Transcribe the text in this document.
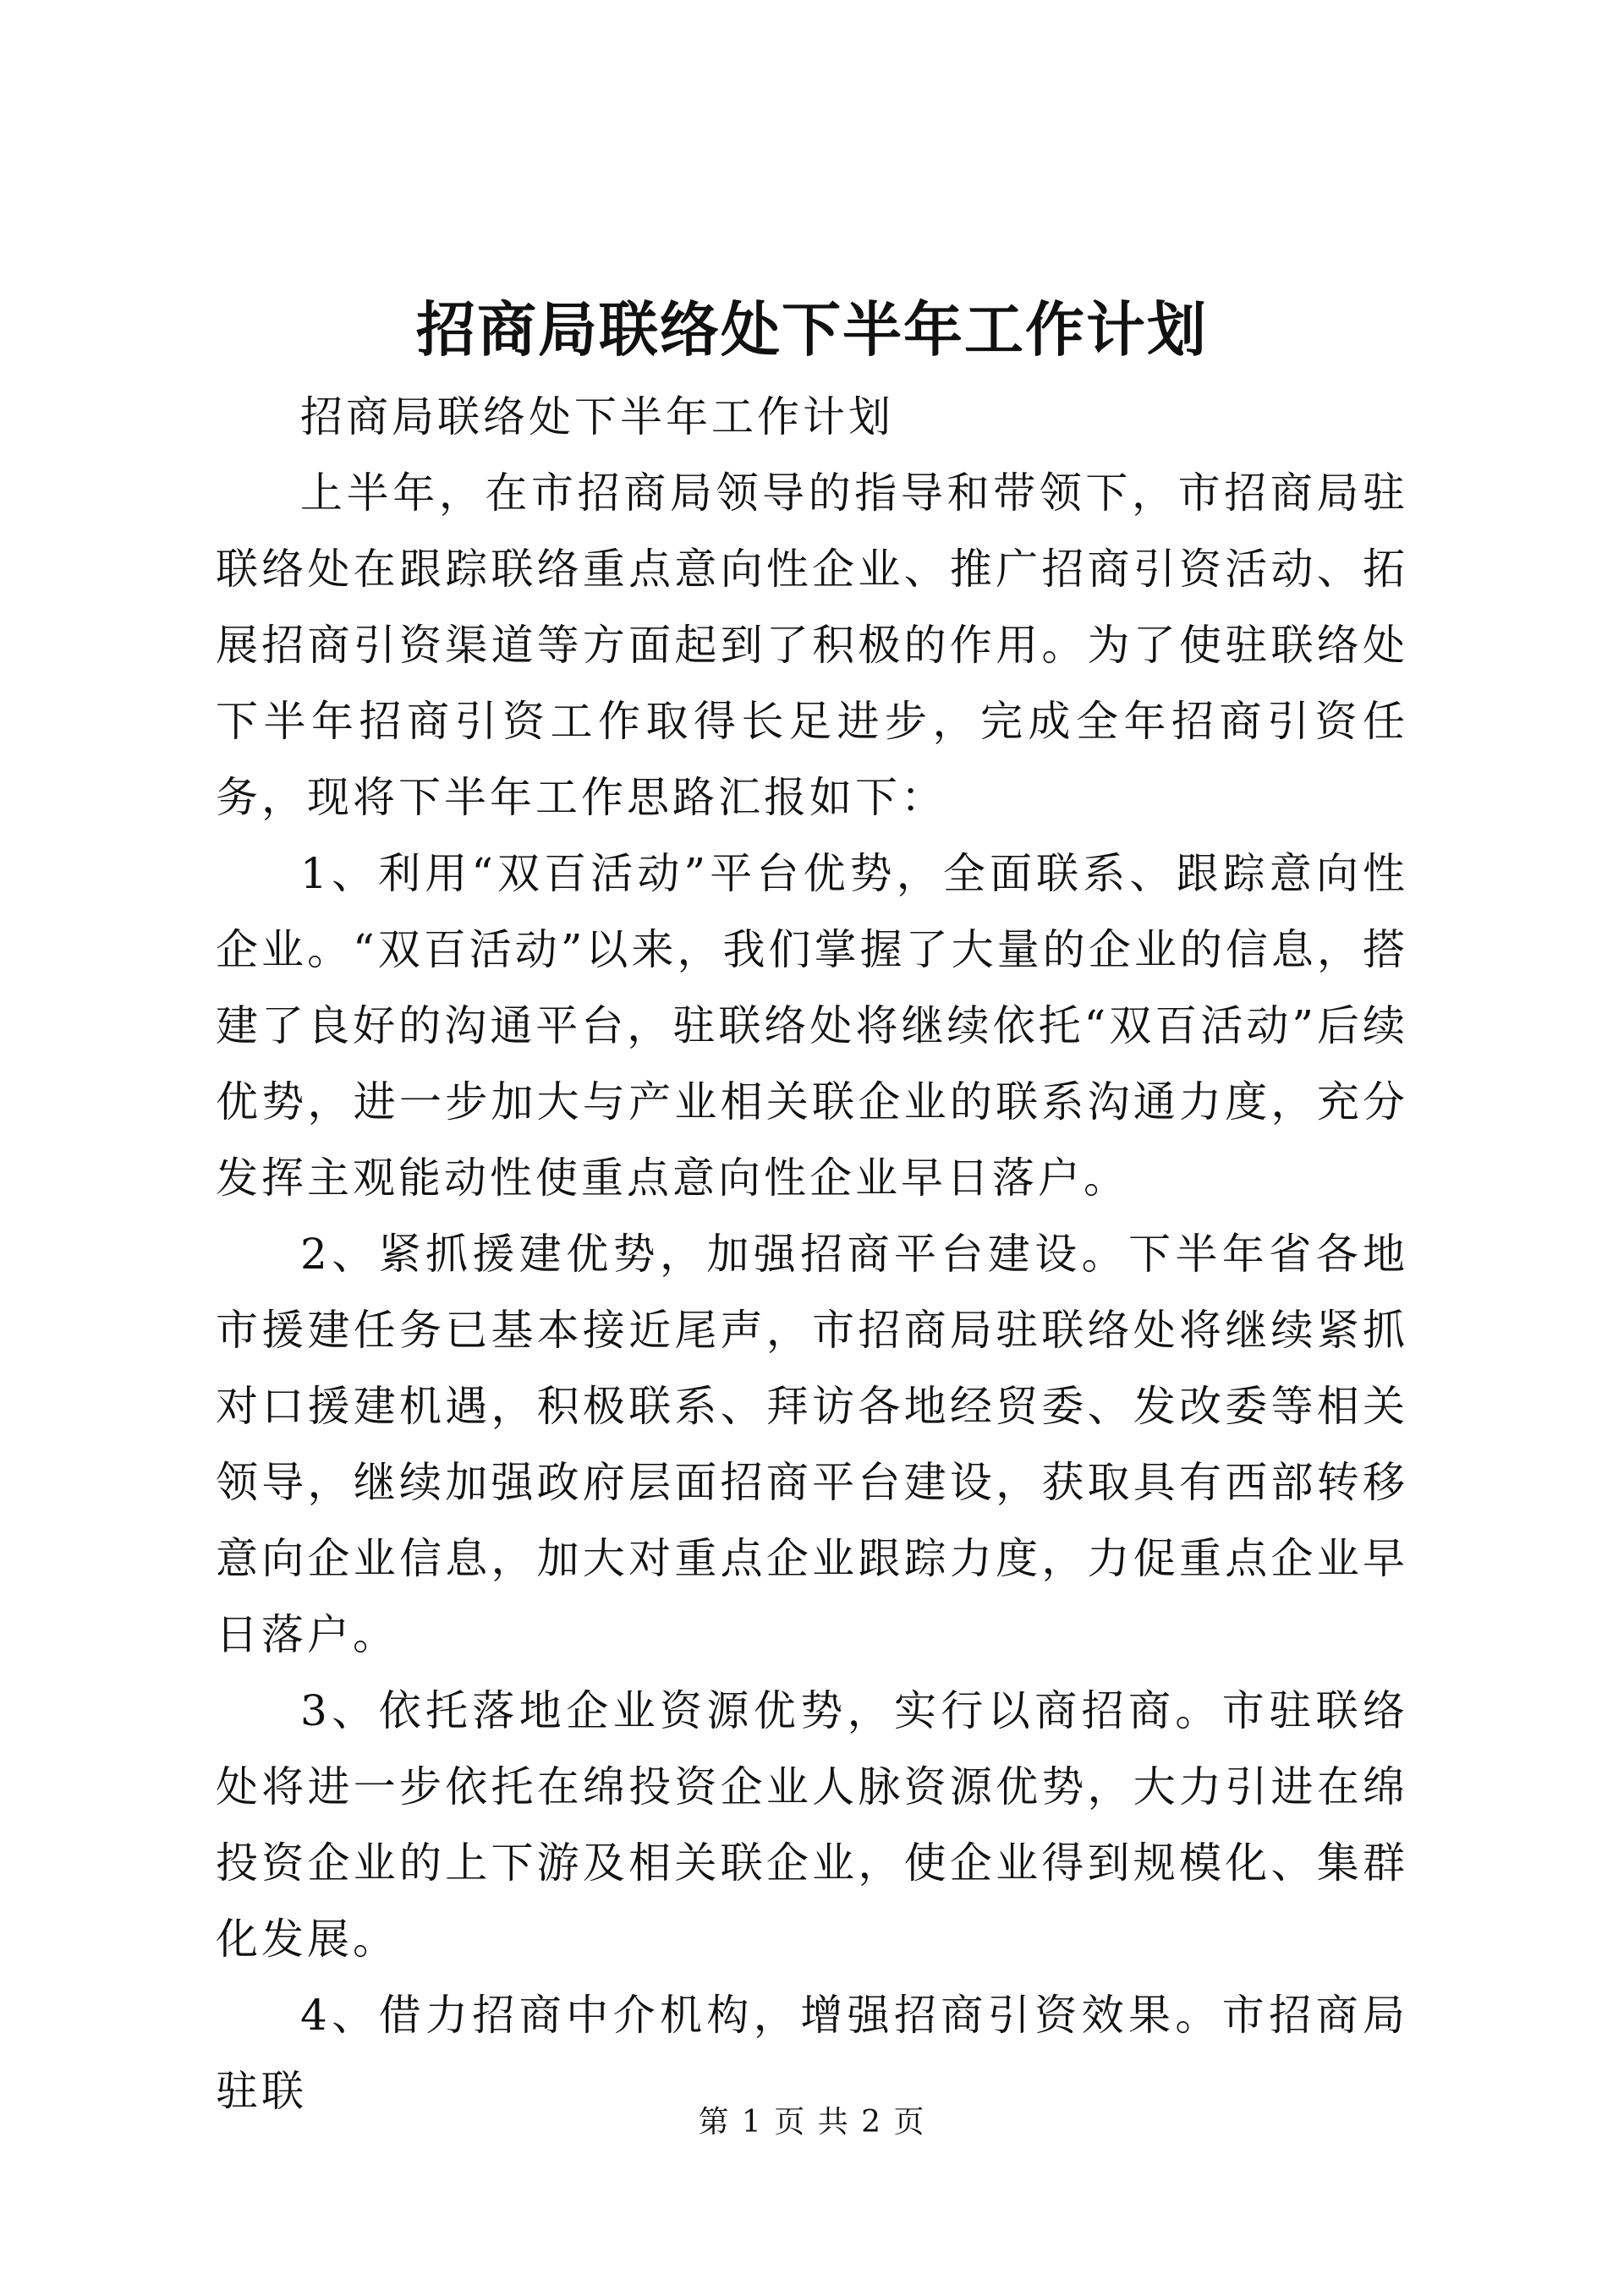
招商局联络处下半年工作计划

招商局联络处下半年工作计划

上半年，在市招商局领导的指导和带领下，市招商局驻联络处在跟踪联络重点意向性企业、推广招商引资活动、拓展招商引资渠道等方面起到了积极的作用。为了使驻联络处下半年招商引资工作取得长足进步，完成全年招商引资任务，现将下半年工作思路汇报如下：

1、利用“双百活动”平台优势，全面联系、跟踪意向性企业。“双百活动”以来，我们掌握了大量的企业的信息，搭建了良好的沟通平台，驻联络处将继续依托“双百活动”后续优势，进一步加大与产业相关联企业的联系沟通力度，充分发挥主观能动性使重点意向性企业早日落户。

2、紧抓援建优势，加强招商平台建设。下半年省各地市援建任务已基本接近尾声，市招商局驻联络处将继续紧抓对口援建机遇，积极联系、拜访各地经贸委、发改委等相关领导，继续加强政府层面招商平台建设，获取具有西部转移意向企业信息，加大对重点企业跟踪力度，力促重点企业早日落户。

3、依托落地企业资源优势，实行以商招商。市驻联络处将进一步依托在绵投资企业人脉资源优势，大力引进在绵投资企业的上下游及相关联企业，使企业得到规模化、集群化发展。

4、借力招商中介机构，增强招商引资效果。市招商局驻联

第 1 页 共 2 页
